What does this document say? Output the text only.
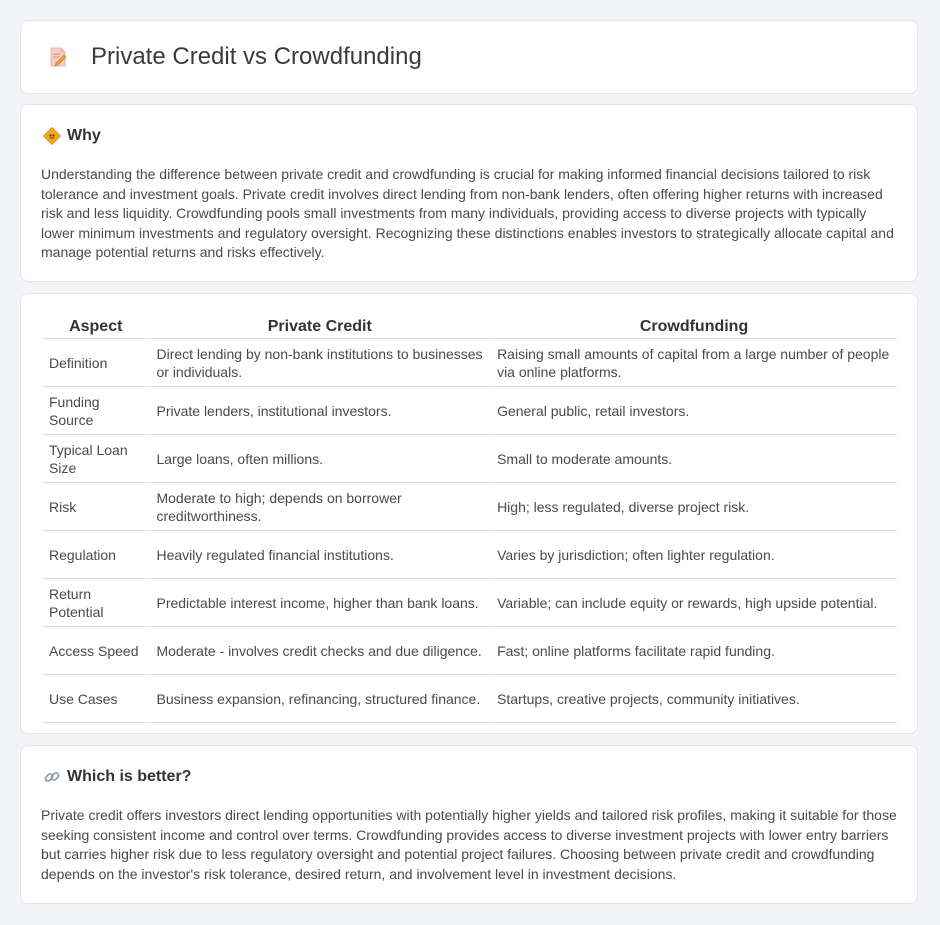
Private Credit vs Crowdfunding
Why

Understanding the difference between private credit and crowdfunding is crucial for making informed financial decisions tailored to risk tolerance and investment goals. Private credit involves direct lending from non-bank lenders, often offering higher returns with increased risk and less liquidity. Crowdfunding pools small investments from many individuals, providing access to diverse projects with typically lower minimum investments and regulatory oversight. Recognizing these distinctions enables investors to strategically allocate capital and manage potential returns and risks effectively.

Aspect	Private Credit	Crowdfunding
Definition	Direct lending by non-bank institutions to businesses or individuals.	Raising small amounts of capital from a large number of people via online platforms.
Funding Source	Private lenders, institutional investors.	General public, retail investors.
Typical Loan Size	Large loans, often millions.	Small to moderate amounts.
Risk	Moderate to high; depends on borrower creditworthiness.	High; less regulated, diverse project risk.
Regulation	Heavily regulated financial institutions.	Varies by jurisdiction; often lighter regulation.
Return Potential	Predictable interest income, higher than bank loans.	Variable; can include equity or rewards, high upside potential.
Access Speed	Moderate - involves credit checks and due diligence.	Fast; online platforms facilitate rapid funding.
Use Cases	Business expansion, refinancing, structured finance.	Startups, creative projects, community initiatives.
Which is better?

Private credit offers investors direct lending opportunities with potentially higher yields and tailored risk profiles, making it suitable for those seeking consistent income and control over terms. Crowdfunding provides access to diverse investment projects with lower entry barriers but carries higher risk due to less regulatory oversight and potential project failures. Choosing between private credit and crowdfunding depends on the investor's risk tolerance, desired return, and involvement level in investment decisions.
